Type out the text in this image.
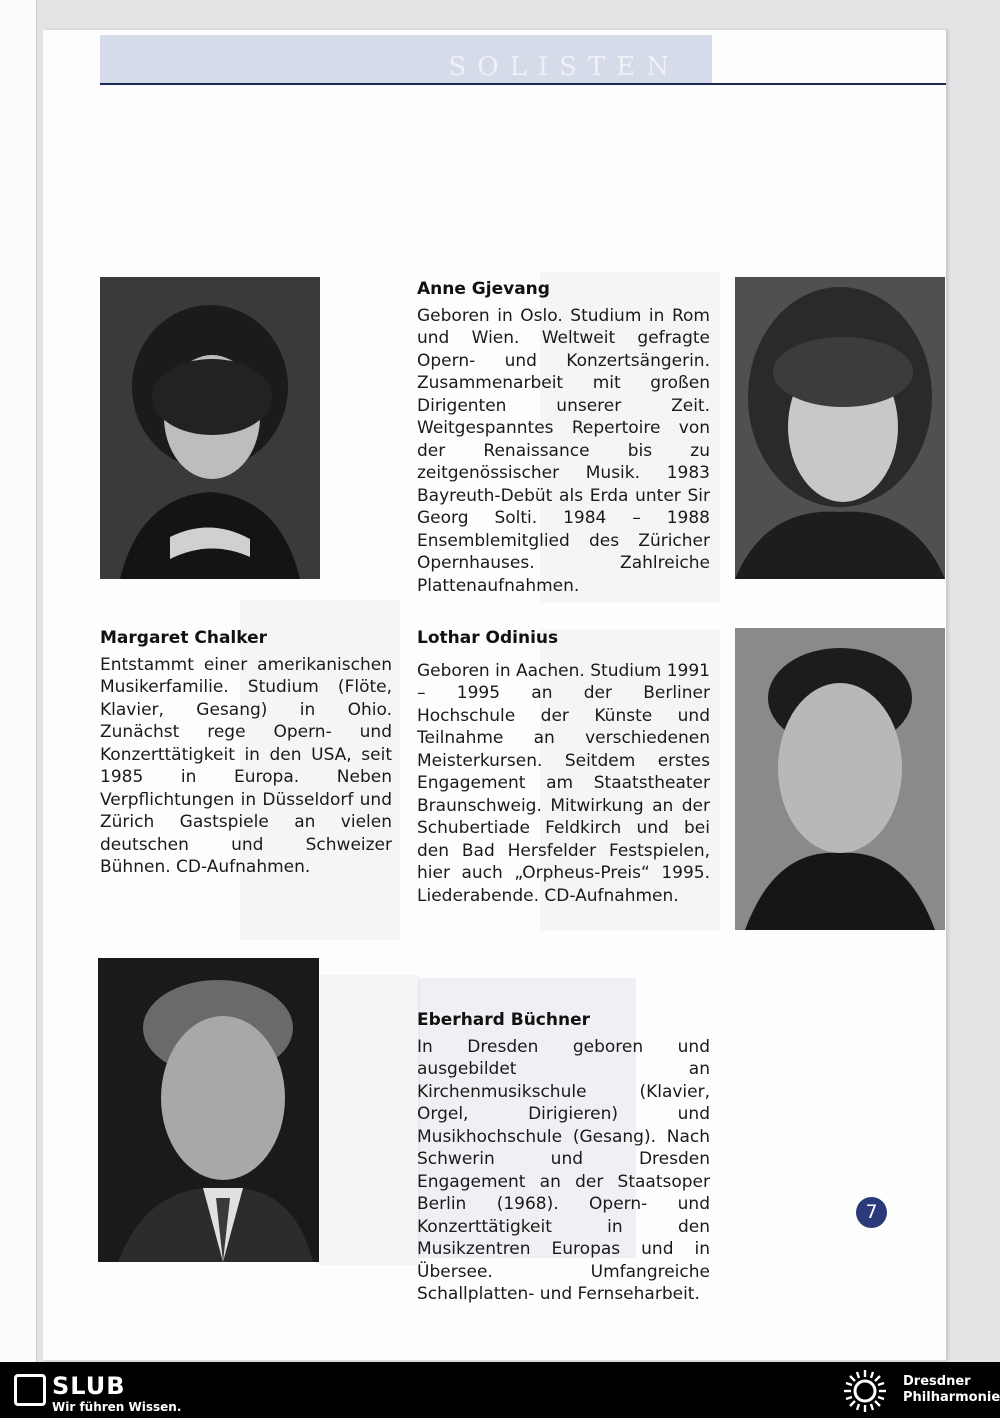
SOLISTEN
Anne Gjevang

Geboren in Oslo. Studium in Rom und Wien. Weltweit gefragte Opern- und Konzertsängerin. Zusammenarbeit mit großen Dirigenten unserer Zeit. Weitgespanntes Repertoire von der Renaissance bis zu zeitgenössischer Musik. 1983 Bayreuth-Debüt als Erda unter Sir Georg Solti. 1984 – 1988 Ensemblemitglied des Züricher Opernhauses. Zahlreiche Plattenaufnahmen.

Margaret Chalker

Entstammt einer amerikanischen Musikerfamilie. Studium (Flöte, Klavier, Gesang) in Ohio. Zunächst rege Opern- und Konzerttätigkeit in den USA, seit 1985 in Europa. Neben Verpflichtungen in Düsseldorf und Zürich Gastspiele an vielen deutschen und Schweizer Bühnen. CD-Aufnahmen.

Lothar Odinius

Geboren in Aachen. Studium 1991 – 1995 an der Berliner Hochschule der Künste und Teilnahme an verschiedenen Meisterkursen. Seitdem erstes Engagement am Staatstheater Braunschweig. Mitwirkung an der Schubertiade Feldkirch und bei den Bad Hersfelder Festspielen, hier auch „Orpheus-Preis“ 1995. Liederabende. CD-Aufnahmen.

Eberhard Büchner

In Dresden geboren und ausgebildet an Kirchenmusikschule (Klavier, Orgel, Dirigieren) und Musikhochschule (Gesang). Nach Schwerin und Dresden Engagement an der Staatsoper Berlin (1968). Opern- und Konzerttätigkeit in den Musikzentren Europas und in Übersee. Umfangreiche Schallplatten- und Fernseharbeit.

7
SLUB
Wir führen Wissen.
Dresdner
Philharmonie
